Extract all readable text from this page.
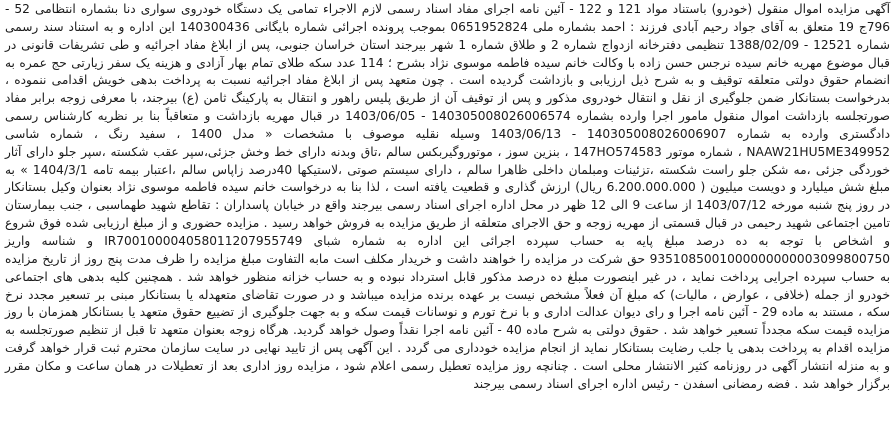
آگهی مزایده اموال منقول (خودرو) باستناد مواد 121 و 122 - آئین نامه اجرای مفاد اسناد رسمی لازم الاجراء تمامی یک دستگاه خودروی سواری دنا بشماره انتظامی 52 - 796ج 19 متعلق به آقای جواد رحیم آبادی فرزند : احمد بشماره ملی 0651952824 بموجب پرونده اجرائی شماره بایگانی 140300436 این اداره و به استناد سند رسمی شماره 12521 - 1388/02/09 تنظیمی دفترخانه ازدواج شماره 2 و طلاق شماره 1 شهر بیرجند استان خراسان جنوبی، پس از ابلاغ مفاد اجرائیه و طی تشریفات قانونی در قبال موضوع مهریه خانم سیده نرجس حسن زاده با وکالت خانم سیده فاطمه موسوی نژاد بشرح ؛ 114 عدد سکه طلای تمام بهار آزادی و هزینه یک سفر زیارتی حج عمره به انضمام حقوق دولتی متعلقه توقیف و به شرح ذیل ارزیابی و بازداشت گردیده است . چون متعهد پس از ابلاغ مفاد اجرائیه نسبت به پرداخت بدهی خویش اقدامی ننموده ، بدرخواست بستانکار ضمن جلوگیری از نقل و انتقال خودروی مذکور و پس از توقیف آن از طریق پلیس راهور و انتقال به پارکینگ ثامن (ع) بیرجند، با معرفی زوجه برابر مفاد صورتجلسه بازداشت اموال منقول مامور اجرا وارده بشماره 140305008026006574 - 1403/06/05 در قبال مهریه بازداشت و متعاقباً بنا بر نظریه کارشناس رسمی دادگستری وارده به شماره 140305008026006907 - 1403/06/13 وسیله نقلیه موصوف با مشخصات « مدل 1400 ، سفید رنگ ، شماره شاسی NAAW21HU5ME349952 ، شماره موتور 147HO574583 ، بنزین سوز ، موتوروگیربکس سالم ،تاق وبدنه دارای خط وخش جزئی،سپر عقب شکسته ،سپر جلو دارای آثار خوردگی جزئی ،مه شکن جلو راست شکسته ،تزئینات ومبلمان داخلی ظاهرا سالم ، دارای سیستم صوتی ،لاستیکها 40درصد زاپاس سالم ،اعتبار بیمه تامه 1404/3/1 » به مبلغ شش میلیارد و دویست میلیون ( 6.200.000.000 ریال) ارزش گذاری و قطعیت یافته است ، لذا بنا به درخواست خانم سیده فاطمه موسوی نژاد بعنوان وکیل بستانکار در روز پنج شنبه مورخه 1403/07/12 از ساعت 9 الی 12 ظهر در محل اداره اجرای اسناد رسمی بیرجند واقع در خیابان پاسداران : تقاطع شهید طهماسبی ، جنب بیمارستان تامین اجتماعی شهید رحیمی در قبال قسمتی از مهریه زوجه و حق الاجرای متعلقه از طریق مزایده به فروش خواهد رسید . مزایده حضوری و از مبلغ ارزیابی شده فوق شروع و اشخاص با توجه به ده درصد مبلغ پایه به حساب سپرده اجرائی این اداره به شماره شبای IR700100004058011207955749 و شناسه واریز 9351085001000000000003099800750 حق شرکت در مزایده را خواهند داشت و خریدار مکلف است مابه التفاوت مبلغ مزایده را ظرف مدت پنج روز از تاریخ مزایده به حساب سپرده اجرایی پرداخت نماید ، در غیر اینصورت مبلغ ده درصد مذکور قابل استرداد نبوده و به حساب خزانه منظور خواهد شد . همچنین کلیه بدهی های اجتماعی خودرو از جمله (خلافی ، عوارض ، مالیات) که مبلغ آن فعلاً مشخص نیست بر عهده برنده مزایده میباشد و در صورت تقاضای متعهدله یا بستانکار مبنی بر تسعیر مجدد نرخ سکه ، مستند به ماده 29 - آئین نامه اجرا و رای دیوان عدالت اداری و با نرخ تورم و نوسانات قیمت سکه و به جهت جلوگیری از تضییع حقوق متعهد یا بستانکار همزمان با روز مزایده قیمت سکه مجدداً تسعیر خواهد شد . حقوق دولتی به شرح ماده 40 - آئین نامه اجرا نقداً وصول خواهد گردید. هرگاه زوجه بعنوان متعهد تا قبل از تنظیم صورتجلسه به مزایده اقدام به پرداخت بدهی یا جلب رضایت بستانکار نماید از انجام مزایده خودداری می گردد . این آگهی پس از تایید نهایی در سایت سازمان محترم ثبت قرار خواهد گرفت و به منزله انتشار آگهی در روزنامه کثیر الانتشار محلی است . چنانچه روز مزایده تعطیل رسمی اعلام شود ، مزایده روز اداری بعد از تعطیلات در همان ساعت و مکان مقرر برگزار خواهد شد . فضه رمضانی اسفدن - رئیس اداره اجرای اسناد رسمی بیرجند
